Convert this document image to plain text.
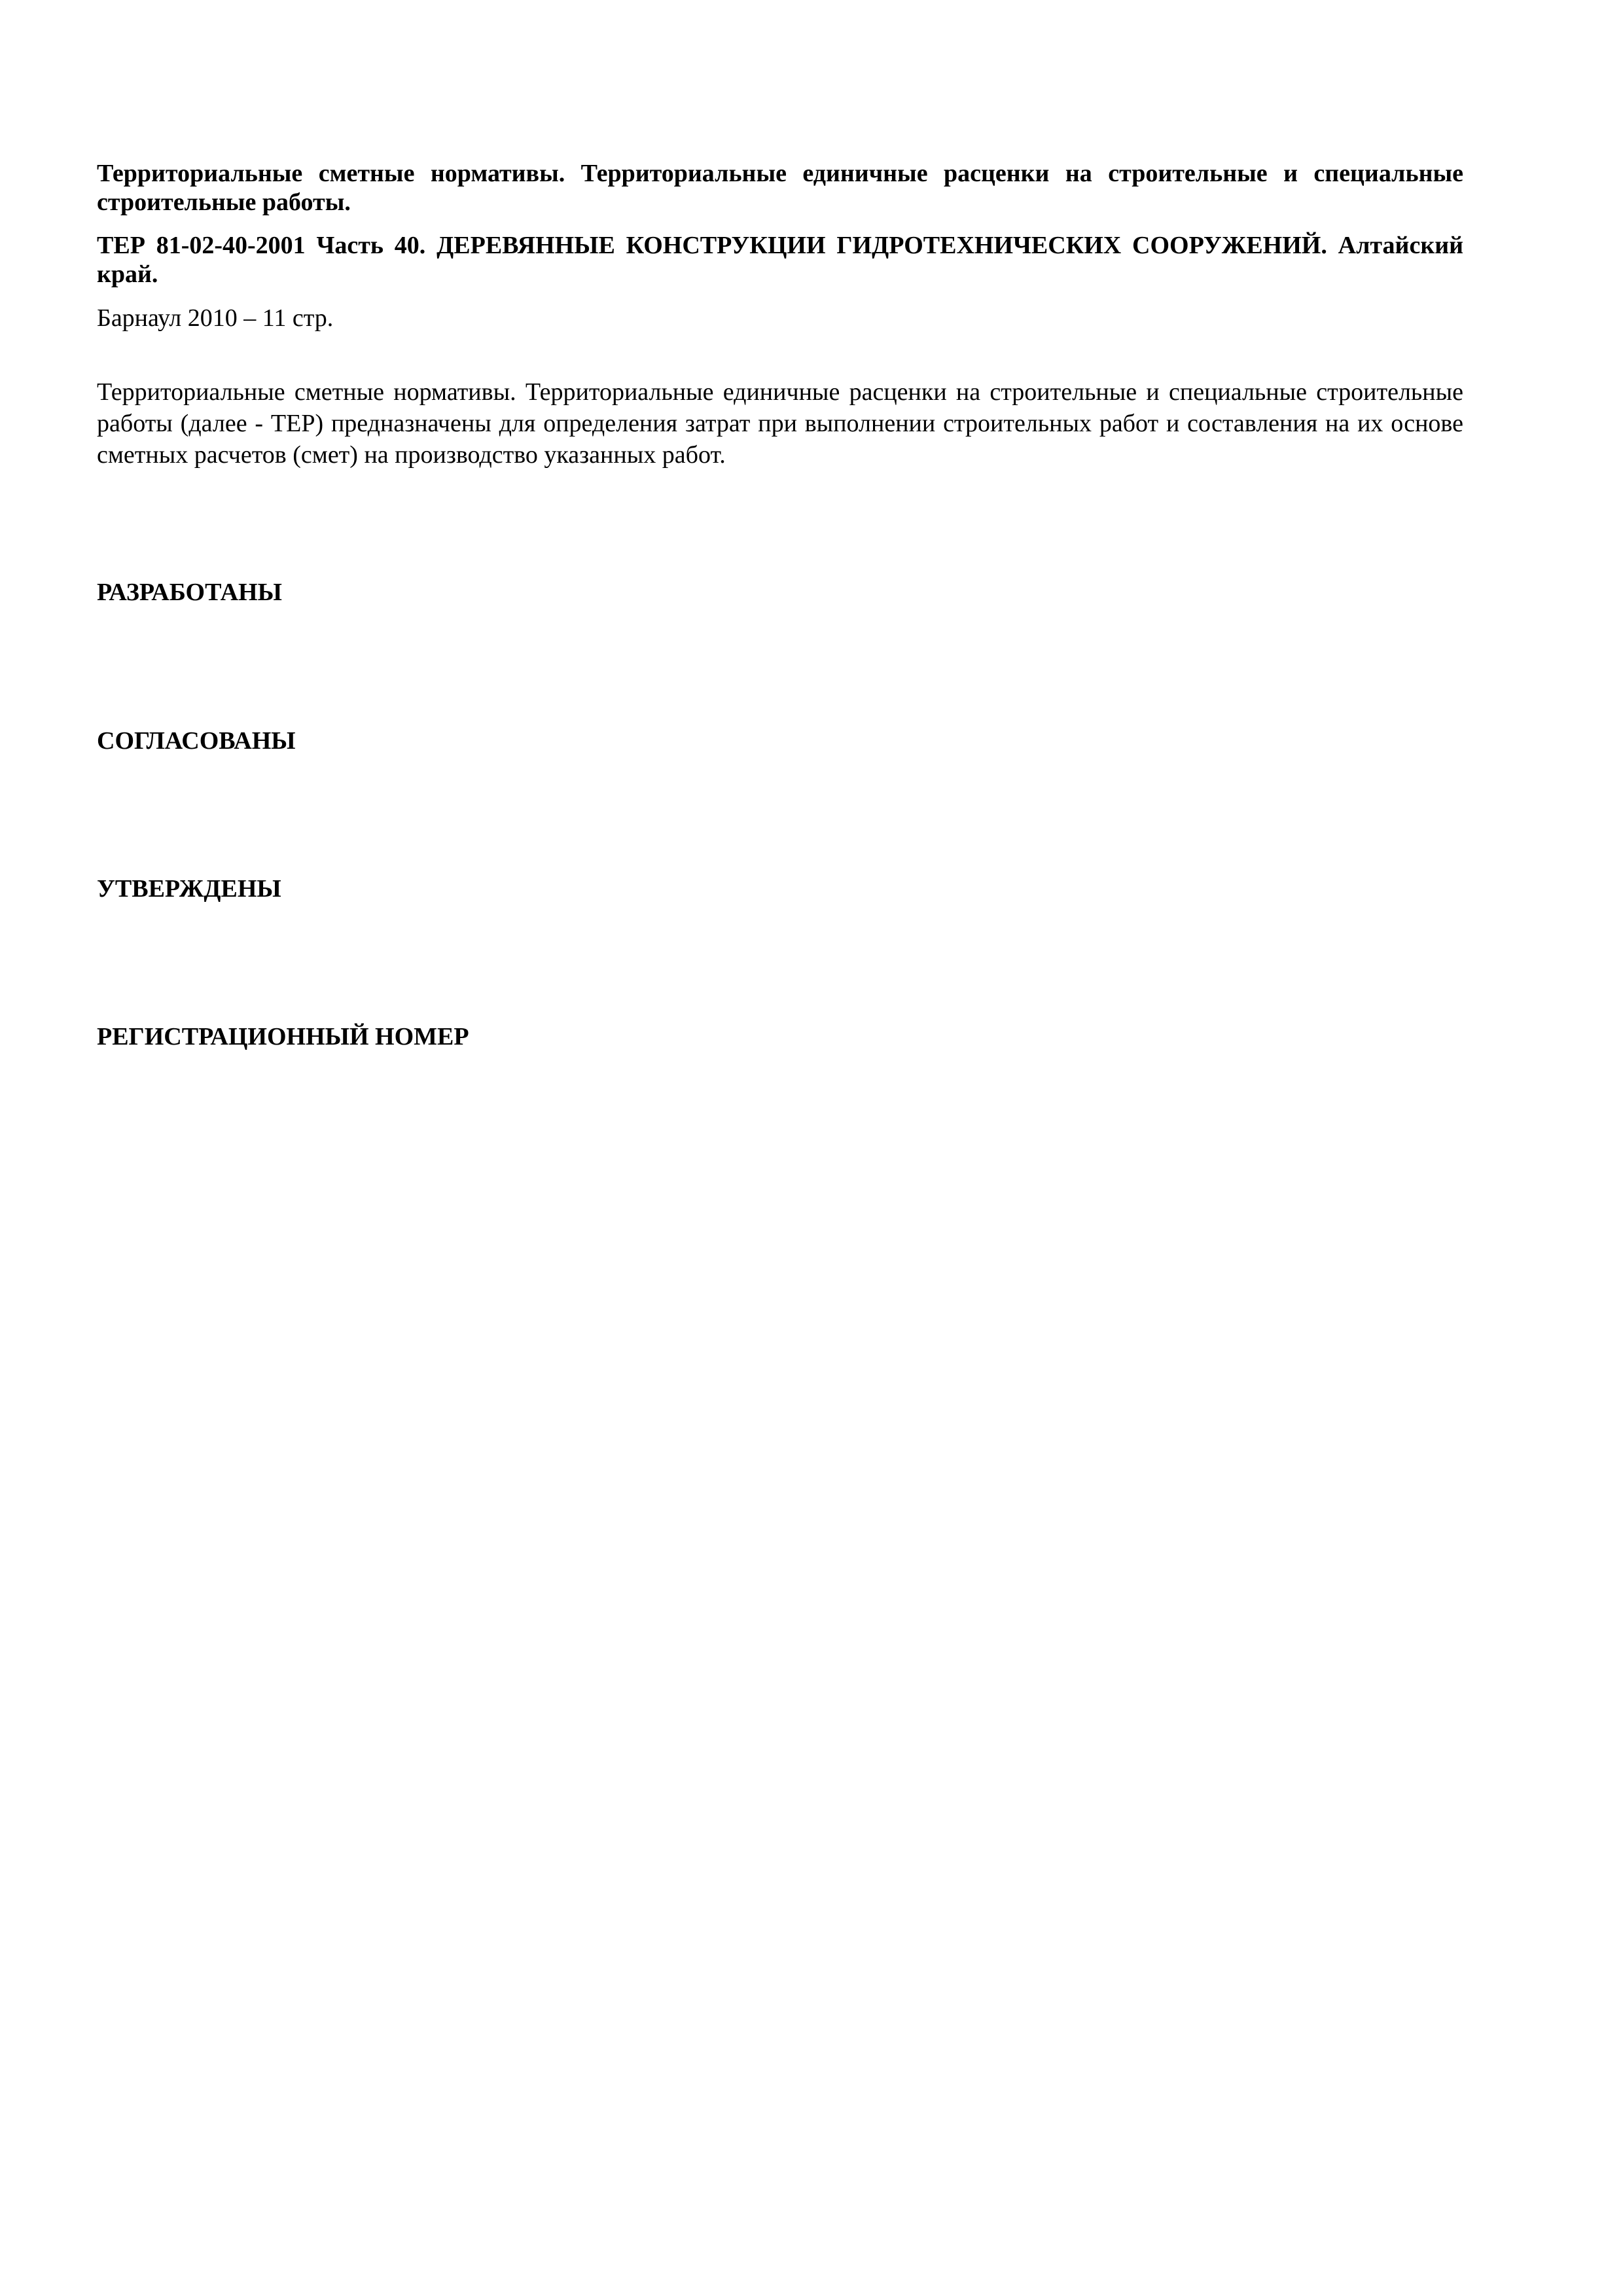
Территориальные сметные нормативы. Территориальные единичные расценки на строительные и специальные строительные работы.
ТЕР 81-02-40-2001 Часть 40. ДЕРЕВЯННЫЕ КОНСТРУКЦИИ ГИДРОТЕХНИЧЕСКИХ СООРУЖЕНИЙ. Алтайский край.
Барнаул 2010 – 11 стр.
Территориальные сметные нормативы. Территориальные единичные расценки на строительные и специальные строительные работы (далее - ТЕР) предназначены для определения затрат при выполнении строительных работ и составления на их основе сметных расчетов (смет) на производство указанных работ.
РАЗРАБОТАНЫ
СОГЛАСОВАНЫ
УТВЕРЖДЕНЫ
РЕГИСТРАЦИОННЫЙ НОМЕР
